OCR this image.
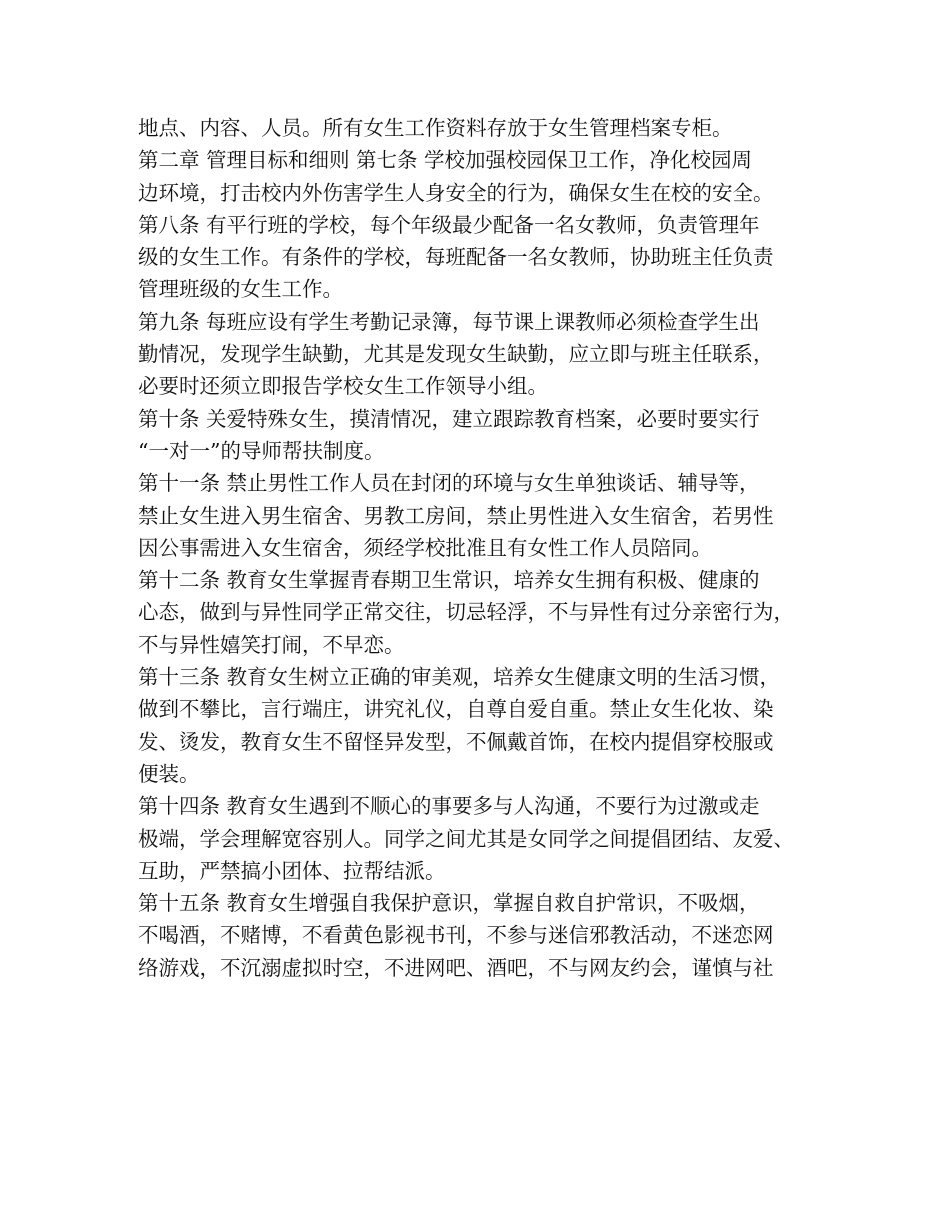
地点、内容、人员。所有女生工作资料存放于女生管理档案专柜。
第二章 管理目标和细则 第七条 学校加强校园保卫工作，净化校园周
边环境，打击校内外伤害学生人身安全的行为，确保女生在校的安全。
第八条 有平行班的学校，每个年级最少配备一名女教师，负责管理年
级的女生工作。有条件的学校，每班配备一名女教师，协助班主任负责
管理班级的女生工作。
第九条 每班应设有学生考勤记录簿，每节课上课教师必须检查学生出
勤情况，发现学生缺勤，尤其是发现女生缺勤，应立即与班主任联系，
必要时还须立即报告学校女生工作领导小组。
第十条 关爱特殊女生，摸清情况，建立跟踪教育档案，必要时要实行
“一对一”的导师帮扶制度。
第十一条 禁止男性工作人员在封闭的环境与女生单独谈话、辅导等，
禁止女生进入男生宿舍、男教工房间，禁止男性进入女生宿舍，若男性
因公事需进入女生宿舍，须经学校批准且有女性工作人员陪同。
第十二条 教育女生掌握青春期卫生常识，培养女生拥有积极、健康的
心态，做到与异性同学正常交往，切忌轻浮，不与异性有过分亲密行为，
不与异性嬉笑打闹，不早恋。
第十三条 教育女生树立正确的审美观，培养女生健康文明的生活习惯，
做到不攀比，言行端庄，讲究礼仪，自尊自爱自重。禁止女生化妆、染
发、烫发，教育女生不留怪异发型，不佩戴首饰，在校内提倡穿校服或
便装。
第十四条 教育女生遇到不顺心的事要多与人沟通，不要行为过激或走
极端，学会理解宽容别人。同学之间尤其是女同学之间提倡团结、友爱、
互助，严禁搞小团体、拉帮结派。
第十五条 教育女生增强自我保护意识，掌握自救自护常识，不吸烟，
不喝酒，不赌博，不看黄色影视书刊，不参与迷信邪教活动，不迷恋网
络游戏，不沉溺虚拟时空，不进网吧、酒吧，不与网友约会，谨慎与社
